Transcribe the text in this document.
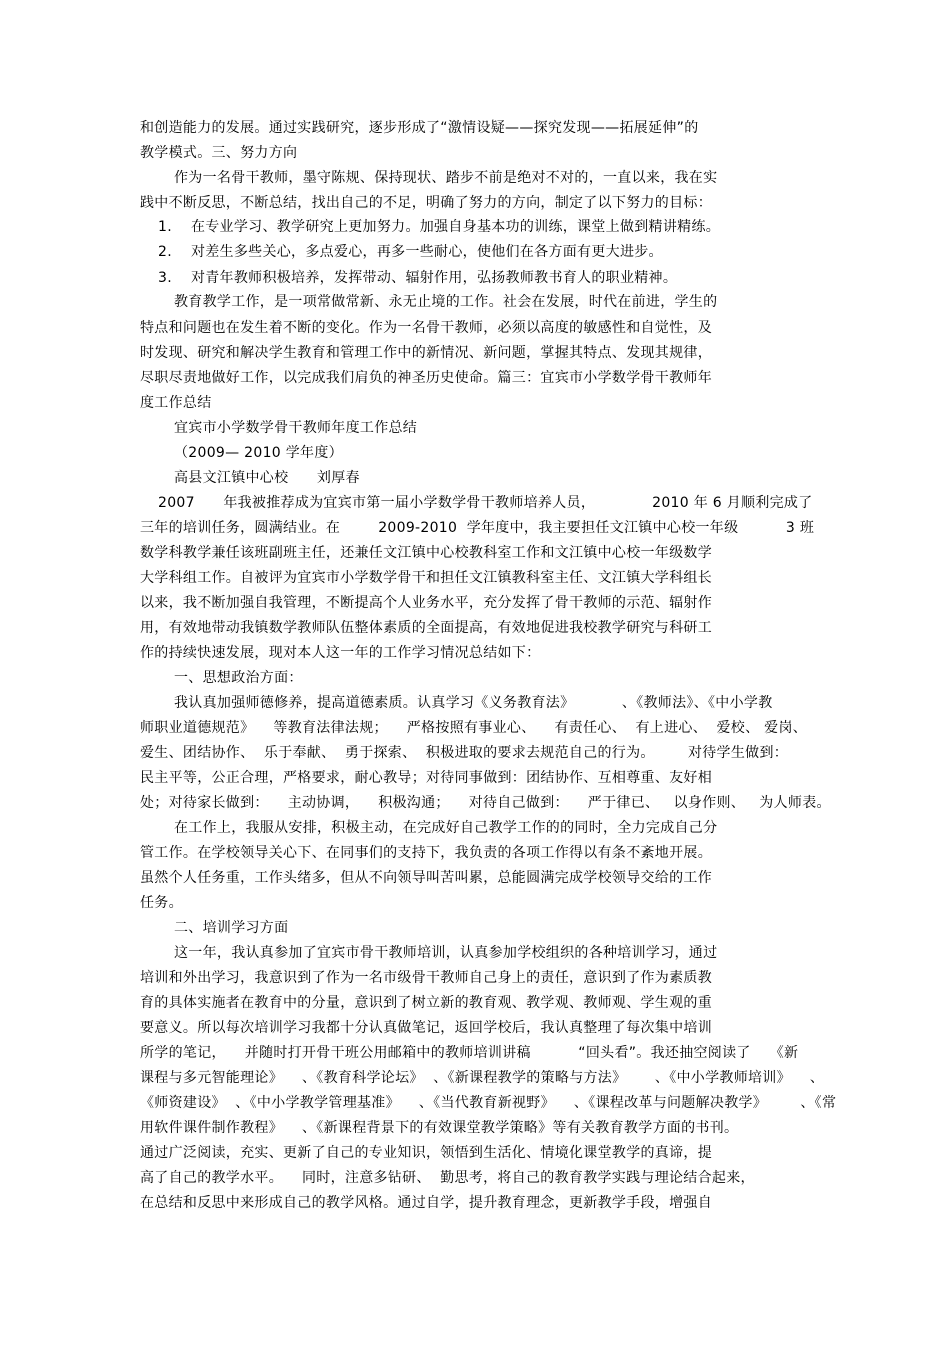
和创造能力的发展。通过实践研究，逐步形成了“激情设疑——探究发现——拓展延伸”的
教学模式。三、努力方向
作为一名骨干教师，墨守陈规、保持现状、踏步不前是绝对不对的，一直以来，我在实
践中不断反思，不断总结，找出自己的不足，明确了努力的方向，制定了以下努力的目标：
1.    在专业学习、教学研究上更加努力。加强自身基本功的训练，课堂上做到精讲精练。
2.    对差生多些关心，多点爱心，再多一些耐心，使他们在各方面有更大进步。
3.    对青年教师积极培养，发挥带动、辐射作用，弘扬教师教书育人的职业精神。
教育教学工作，是一项常做常新、永无止境的工作。社会在发展，时代在前进，学生的
特点和问题也在发生着不断的变化。作为一名骨干教师，必须以高度的敏感性和自觉性，及
时发现、研究和解决学生教育和管理工作中的新情况、新问题，掌握其特点、发现其规律，
尽职尽责地做好工作，以完成我们肩负的神圣历史使命。篇三：宜宾市小学数学骨干教师年
度工作总结
宜宾市小学数学骨干教师年度工作总结
（2009— 2010 学年度）
高县文江镇中心校      刘厚春
2007      年我被推荐成为宜宾市第一届小学数学骨干教师培养人员，            2010 年 6 月顺利完成了
三年的培训任务，圆满结业。在        2009-2010  学年度中，我主要担任文江镇中心校一年级          3 班
数学科教学兼任该班副班主任，还兼任文江镇中心校教科室工作和文江镇中心校一年级数学
大学科组工作。自被评为宜宾市小学数学骨干和担任文江镇教科室主任、文江镇大学科组长
以来，我不断加强自我管理，不断提高个人业务水平，充分发挥了骨干教师的示范、辐射作
用，有效地带动我镇数学教师队伍整体素质的全面提高，有效地促进我校教学研究与科研工
作的持续快速发展，现对本人这一年的工作学习情况总结如下：
一、思想政治方面：
我认真加强师德修养，提高道德素质。认真学习《义务教育法》          、《教师法》、《中小学教
师职业道德规范》    等教育法律法规；    严格按照有事业心、    有责任心、  有上进心、  爱校、 爱岗、
爱生、团结协作、  乐于奉献、  勇于探索、  积极进取的要求去规范自己的行为。       对待学生做到：
民主平等，公正合理，严格要求，耐心教导；对待同事做到：团结协作、互相尊重、友好相
处；对待家长做到：    主动协调，    积极沟通；    对待自己做到：    严于律已、   以身作则、   为人师表。
在工作上，我服从安排，积极主动，在完成好自己教学工作的的同时，全力完成自己分
管工作。在学校领导关心下、在同事们的支持下，我负责的各项工作得以有条不紊地开展。
虽然个人任务重，工作头绪多，但从不向领导叫苦叫累，总能圆满完成学校领导交给的工作
任务。
二、培训学习方面
这一年，我认真参加了宜宾市骨干教师培训，认真参加学校组织的各种培训学习，通过
培训和外出学习，我意识到了作为一名市级骨干教师自己身上的责任，意识到了作为素质教
育的具体实施者在教育中的分量，意识到了树立新的教育观、教学观、教师观、学生观的重
要意义。所以每次培训学习我都十分认真做笔记，返回学校后，我认真整理了每次集中培训
所学的笔记，    并随时打开骨干班公用邮箱中的教师培训讲稿          “回头看”。我还抽空阅读了    《新
课程与多元智能理论》    、《教育科学论坛》  、《新课程教学的策略与方法》      、《中小学教师培训》    、
《师资建设》  、《中小学教学管理基准》    、《当代教育新视野》    、《课程改革与问题解决教学》       、《常
用软件课件制作教程》    、《新课程背景下的有效课堂教学策略》等有关教育教学方面的书刊。
通过广泛阅读，充实、更新了自己的专业知识，领悟到生活化、情境化课堂教学的真谛，提
高了自己的教学水平。    同时，注意多钻研、  勤思考，将自己的教育教学实践与理论结合起来，
在总结和反思中来形成自己的教学风格。通过自学，提升教育理念，更新教学手段，增强自
